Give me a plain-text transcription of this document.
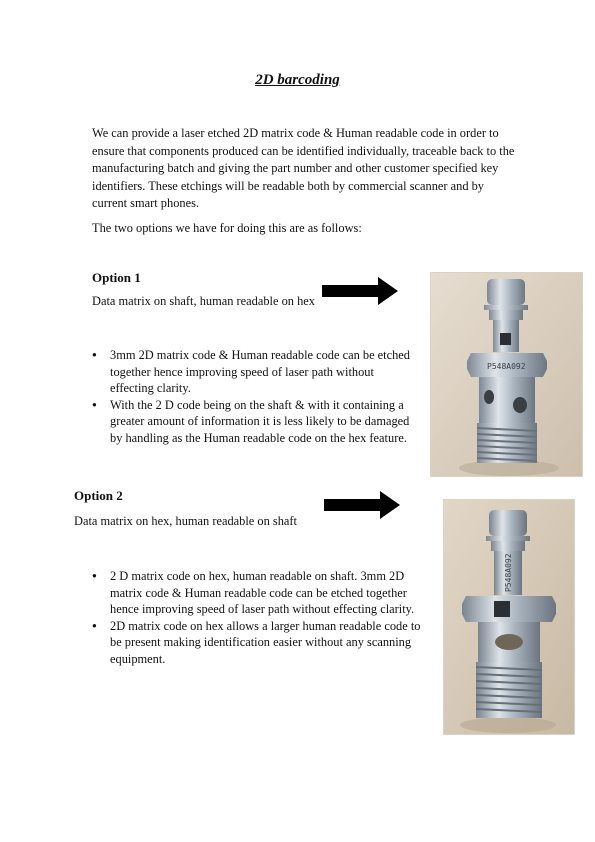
2D barcoding

We can provide a laser etched 2D matrix code & Human readable code in order to ensure that components produced can be identified individually, traceable back to the manufacturing batch and giving the part number and other customer specified key identifiers. These etchings will be readable both by commercial scanner and by current smart phones.

The two options we have for doing this are as follows:

Option 1

Data matrix on shaft, human readable on hex

● 3mm 2D matrix code & Human readable code can be etched together hence improving speed of laser path without effecting clarity.
● With the 2 D code being on the shaft & with it containing a greater amount of information it is less likely to be damaged by handling as the Human readable code on the hex feature.
P548A092

Option 2

Data matrix on hex, human readable on shaft

● 2 D matrix code on hex, human readable on shaft. 3mm 2D matrix code & Human readable code can be etched together hence improving speed of laser path without effecting clarity.
● 2D matrix code on hex allows a larger human readable code to be present making identification easier without any scanning equipment.
P548A092
